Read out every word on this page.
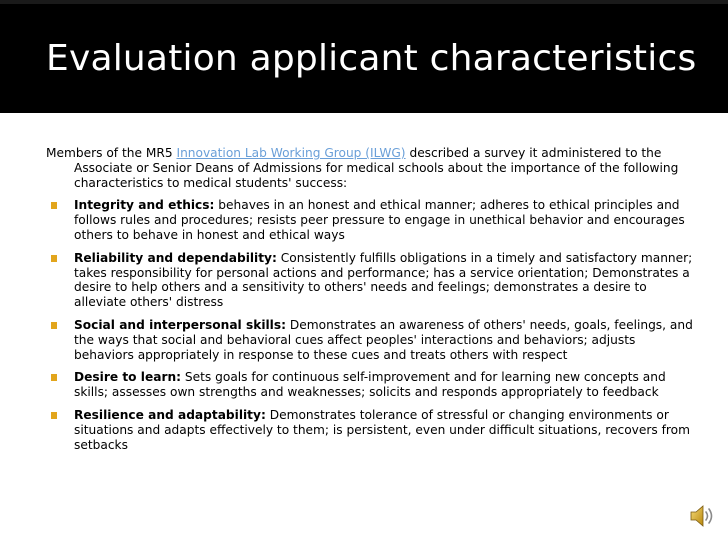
Evaluation applicant characteristics

Members of the MR5 Innovation Lab Working Group (ILWG) described a survey it administered to the Associate or Senior Deans of Admissions for medical schools about the importance of the following characteristics to medical students' success:

Integrity and ethics: behaves in an honest and ethical manner; adheres to ethical principles and follows rules and procedures; resists peer pressure to engage in unethical behavior and encourages others to behave in honest and ethical ways
Reliability and dependability: Consistently fulfills obligations in a timely and satisfactory manner; takes responsibility for personal actions and performance; has a service orientation; Demonstrates a desire to help others and a sensitivity to others' needs and feelings; demonstrates a desire to alleviate others' distress
Social and interpersonal skills: Demonstrates an awareness of others' needs, goals, feelings, and the ways that social and behavioral cues affect peoples' interactions and behaviors; adjusts behaviors appropriately in response to these cues and treats others with respect
Desire to learn: Sets goals for continuous self-improvement and for learning new concepts and skills; assesses own strengths and weaknesses; solicits and responds appropriately to feedback
Resilience and adaptability: Demonstrates tolerance of stressful or changing environments or situations and adapts effectively to them; is persistent, even under difficult situations, recovers from setbacks
